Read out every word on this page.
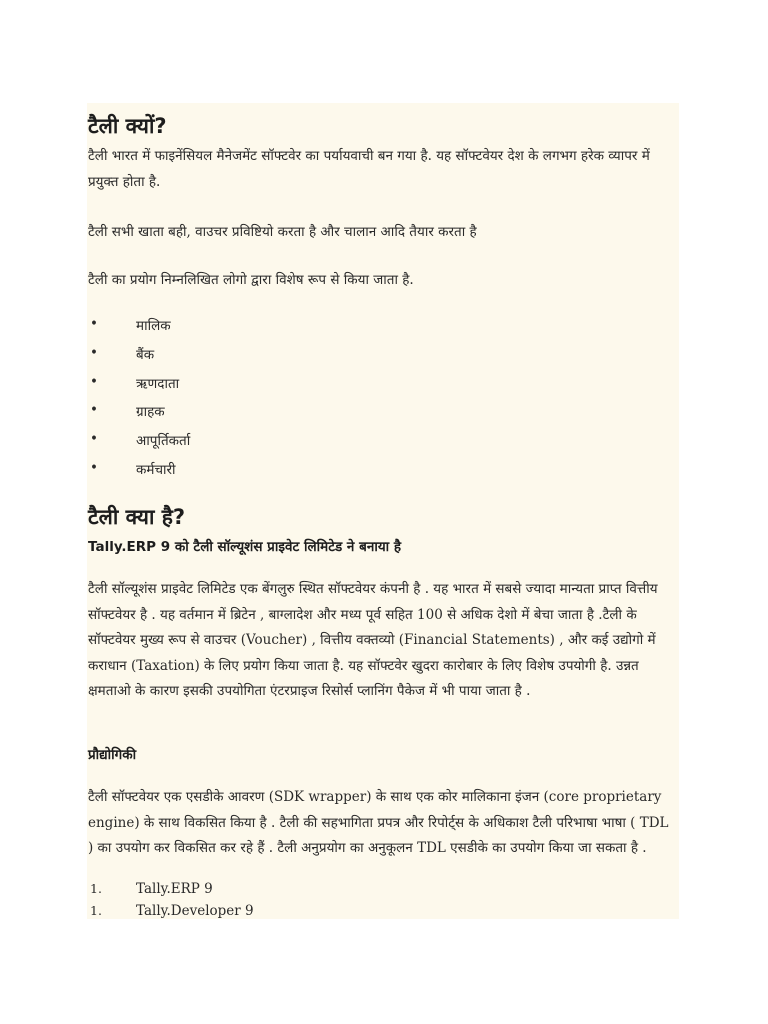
टैली क्यों?
टैली भारत में फाइनेंसियल मैनेजमेंट सॉफ्टवेर का पर्यायवाची बन गया है. यह सॉफ्टवेयर देश के लगभग हरेक व्यापर में प्रयुक्त होता है.
टैली सभी खाता बही, वाउचर प्रविष्टियो करता है और चालान आदि तैयार करता है
टैली का प्रयोग निम्नलिखित लोगो द्वारा विशेष रूप से किया जाता है.
•	मालिक
•	बैंक
•	ऋणदाता
•	ग्राहक
•	आपूर्तिकर्ता
•	कर्मचारी
टैली क्या है?
Tally.ERP 9 को टैली सॉल्यूशंस प्राइवेट लिमिटेड ने बनाया है
टैली सॉल्यूशंस प्राइवेट लिमिटेड एक बेंगलुरु स्थित सॉफ्टवेयर कंपनी है . यह भारत में सबसे ज्यादा मान्यता प्राप्त वित्तीय सॉफ्टवेयर है . यह वर्तमान में ब्रिटेन , बाग्लादेश और मध्य पूर्व सहित 100 से अधिक देशो में बेचा जाता है .टैली के सॉफ्टवेयर मुख्य रूप से वाउचर (Voucher) , वित्तीय वक्तव्यो (Financial Statements) , और कई उद्योगो में कराधान (Taxation) के लिए प्रयोग किया जाता है. यह सॉफ्टवेर खुदरा कारोबार के लिए विशेष उपयोगी है. उन्नत क्षमताओ के कारण इसकी उपयोगिता एंटरप्राइज रिसोर्स प्लानिंग पैकेज में भी पाया जाता है .
प्रौद्योगिकी
टैली सॉफ्टवेयर एक एसडीके आवरण (SDK wrapper) के साथ एक कोर मालिकाना इंजन (core proprietary engine) के साथ विकसित किया है . टैली की सहभागिता प्रपत्र और रिपोर्ट्स के अधिकाश टैली परिभाषा भाषा ( TDL ) का उपयोग कर विकसित कर रहे हैं . टैली अनुप्रयोग का अनुकूलन TDL एसडीके का उपयोग किया जा सकता है .
1.	Tally.ERP 9
1.	Tally.Developer 9
